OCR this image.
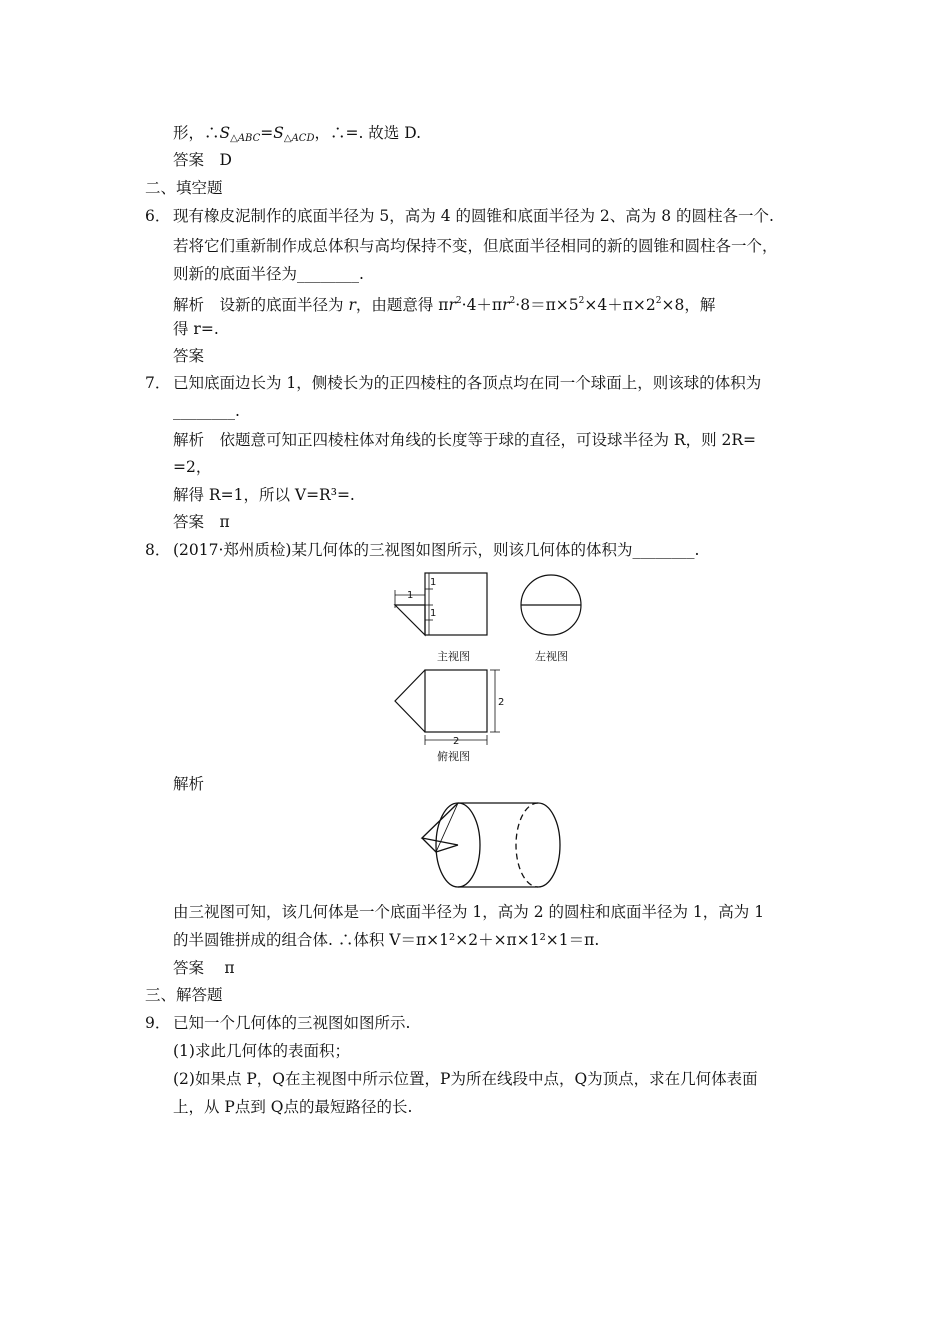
形，$\therefore S_{\triangle ABC}=S_{\triangle ACD}$，∴=. 故选 D.
答案　D
二、填空题
6． 现有橡皮泥制作的底面半径为 5，高为 4 的圆锥和底面半径为 2、高为 8 的圆柱各一个.
若将它们重新制作成总体积与高均保持不变，但底面半径相同的新的圆锥和圆柱各一个，
则新的底面半径为________.
解析　设新的底面半径为 r，由题意得 $\pi r^2\cdot 4+\pi r^2\cdot 8=\pi\times 5^2\times 4+\pi\times 2^2\times 8$，解
得 r=.
答案
7． 已知底面边长为 1，侧棱长为的正四棱柱的各顶点均在同一个球面上，则该球的体积为
________.
解析　依题意可知正四棱柱体对角线的长度等于球的直径，可设球半径为 R，则 2R=
=2，
解得 R=1，所以 V=R³=.
答案　π
8． (2017·郑州质检)某几何体的三视图如图所示，则该几何体的体积为________.
1
1
1
2
2
主视图	左视图
俯视图
解析
由三视图可知，该几何体是一个底面半径为 1，高为 2 的圆柱和底面半径为 1，高为 1
的半圆锥拼成的组合体. ∴体积 V＝π×1²×2＋×π×1²×1＝π.
答案　 π
三、解答题
9． 已知一个几何体的三视图如图所示.
(1)求此几何体的表面积；
(2)如果点 P，Q在主视图中所示位置，P为所在线段中点，Q为顶点，求在几何体表面
上，从 P点到 Q点的最短路径的长.
